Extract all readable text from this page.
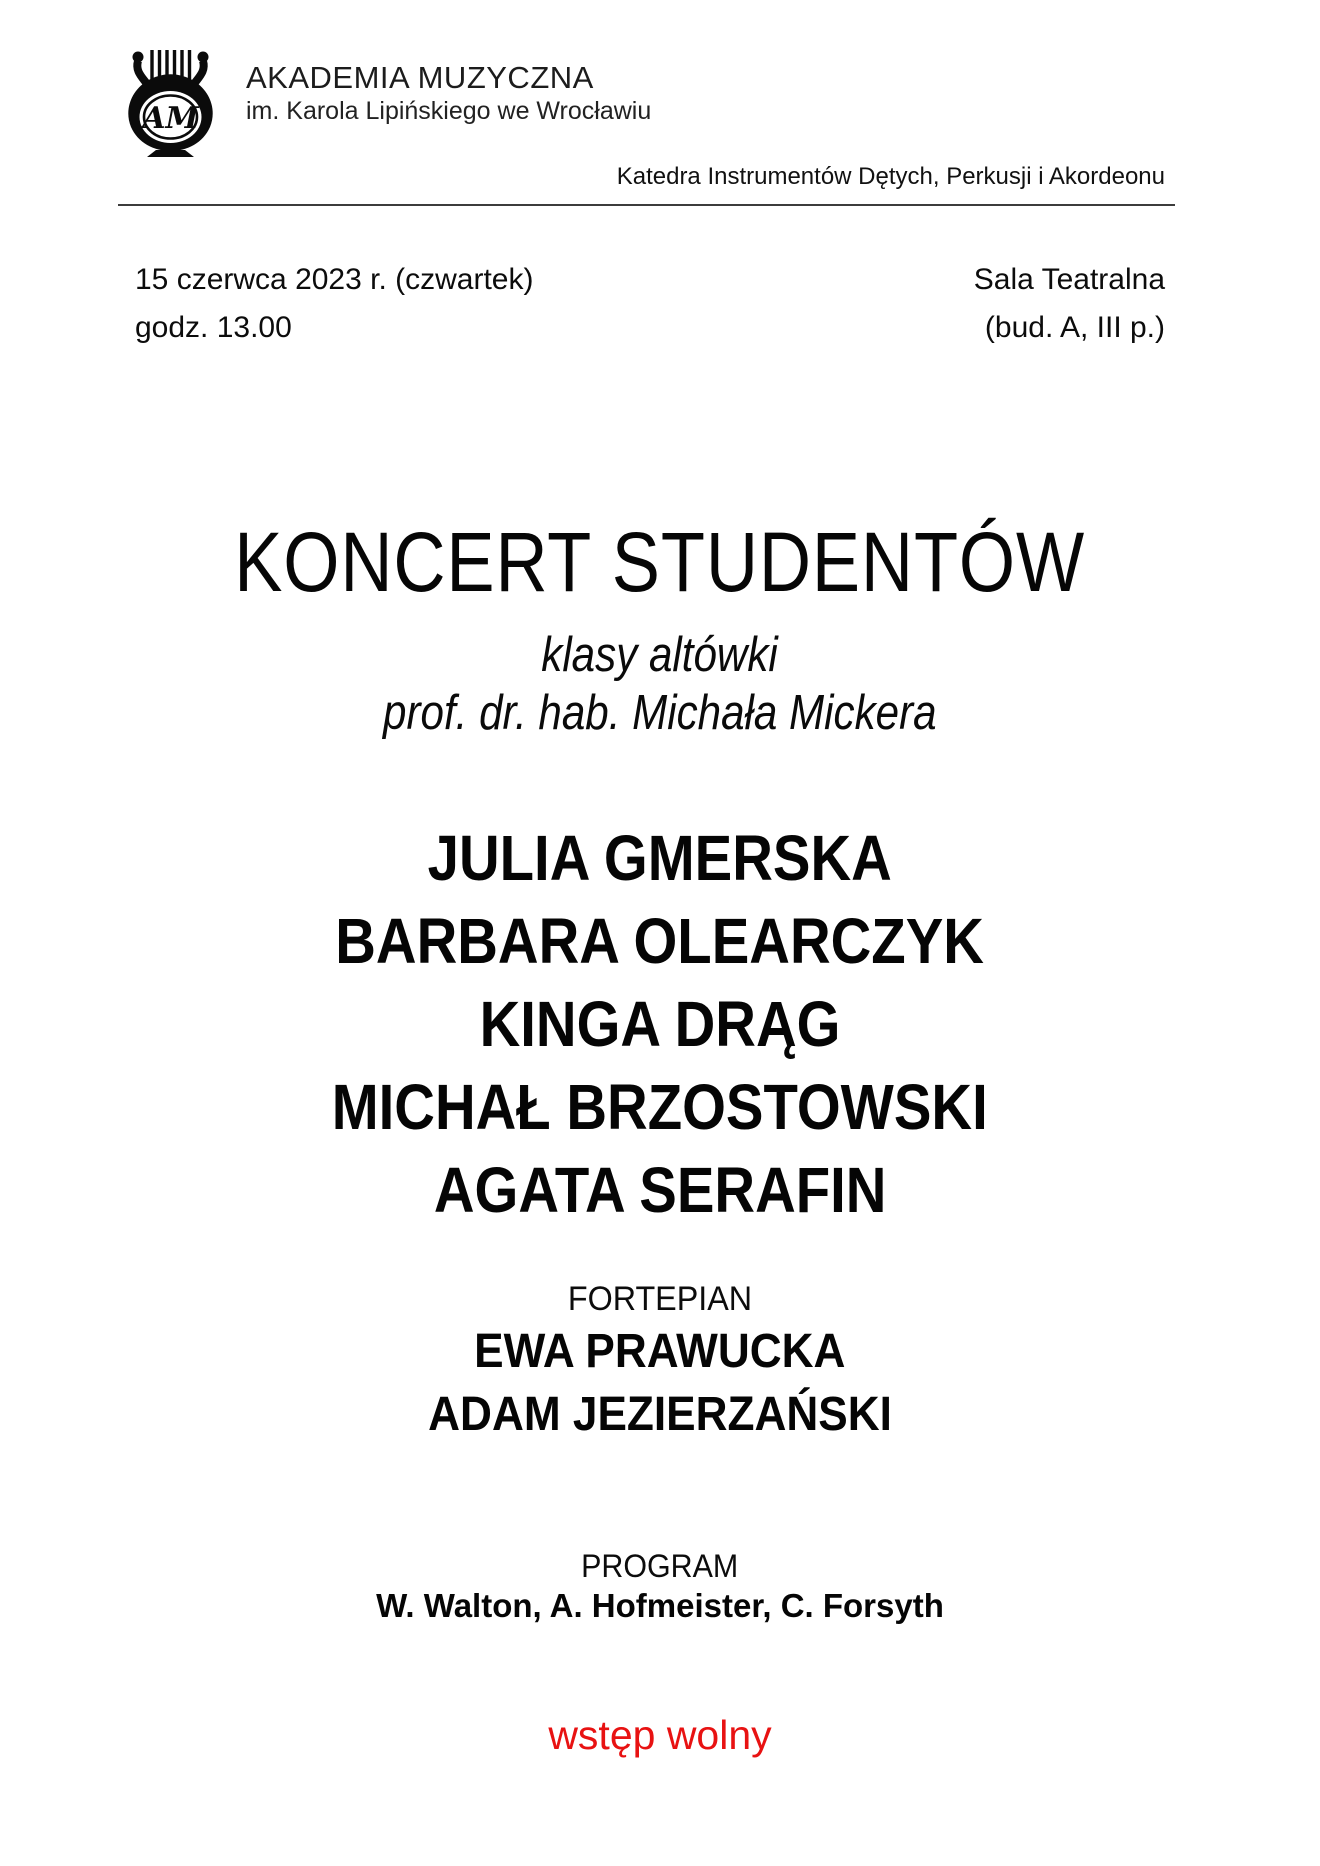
AM
AKADEMIA MUZYCZNA
im. Karola Lipińskiego we Wrocławiu
Katedra Instrumentów Dętych, Perkusji i Akordeonu
15 czerwca 2023 r. (czwartek)	Sala Teatralna
godz. 13.00	(bud. A, III p.)
KONCERT STUDENTÓW
klasy altówki
prof. dr. hab. Michała Mickera
JULIA GMERSKA
BARBARA OLEARCZYK
KINGA DRĄG
MICHAŁ BRZOSTOWSKI
AGATA SERAFIN
FORTEPIAN
EWA PRAWUCKA
ADAM JEZIERZAŃSKI
PROGRAM
W. Walton, A. Hofmeister, C. Forsyth
wstęp wolny
